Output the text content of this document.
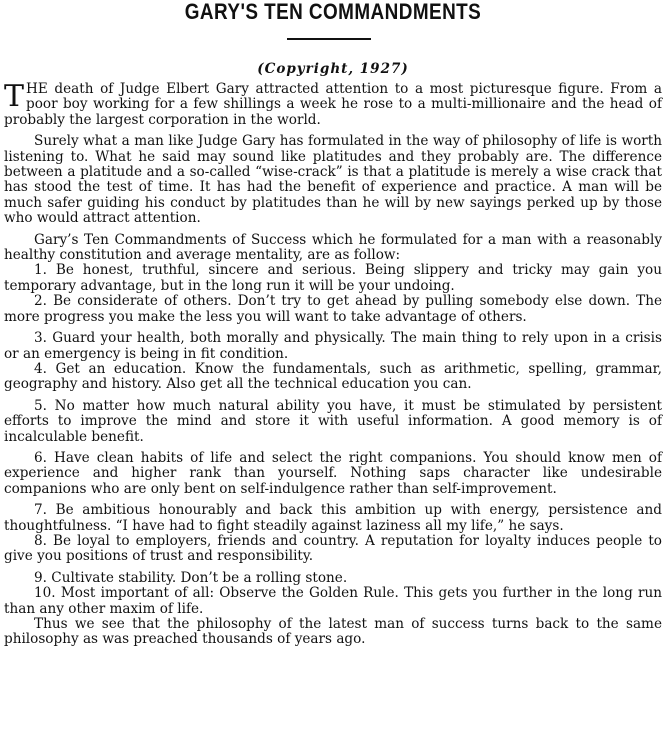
GARY'S TEN COMMANDMENTS
(Copyright, 1927)

THE death of Judge Elbert Gary attracted attention to a most picturesque figure. From a poor boy working for a few shillings a week he rose to a multi-millionaire and the head of probably the largest corporation in the world.

Surely what a man like Judge Gary has formulated in the way of philosophy of life is worth listening to. What he said may sound like platitudes and they probably are. The difference between a platitude and a so-called “wise-crack” is that a platitude is merely a wise crack that has stood the test of time. It has had the benefit of experience and practice. A man will be much safer guiding his conduct by platitudes than he will by new sayings perked up by those who would attract attention.

Gary’s Ten Commandments of Success which he formulated for a man with a reasonably healthy constitution and average mentality, are as follow:

1. Be honest, truthful, sincere and serious. Being slippery and tricky may gain you temporary advantage, but in the long run it will be your undoing.

2. Be considerate of others. Don’t try to get ahead by pulling somebody else down. The more progress you make the less you will want to take advantage of others.

3. Guard your health, both morally and physically. The main thing to rely upon in a crisis or an emergency is being in fit condition.

4. Get an education. Know the fundamentals, such as arithmetic, spelling, grammar, geography and history. Also get all the technical education you can.

5. No matter how much natural ability you have, it must be stimulated by persistent efforts to improve the mind and store it with useful information. A good memory is of incalculable benefit.

6. Have clean habits of life and select the right companions. You should know men of experience and higher rank than yourself. Nothing saps character like undesirable companions who are only bent on self-indulgence rather than self-improvement.

7. Be ambitious honourably and back this ambition up with energy, persistence and thoughtfulness. “I have had to fight steadily against laziness all my life,” he says.

8. Be loyal to employers, friends and country. A reputation for loyalty induces people to give you positions of trust and responsibility.

9. Cultivate stability. Don’t be a rolling stone.

10. Most important of all: Observe the Golden Rule. This gets you further in the long run than any other maxim of life.

Thus we see that the philosophy of the latest man of success turns back to the same philosophy as was preached thousands of years ago.
